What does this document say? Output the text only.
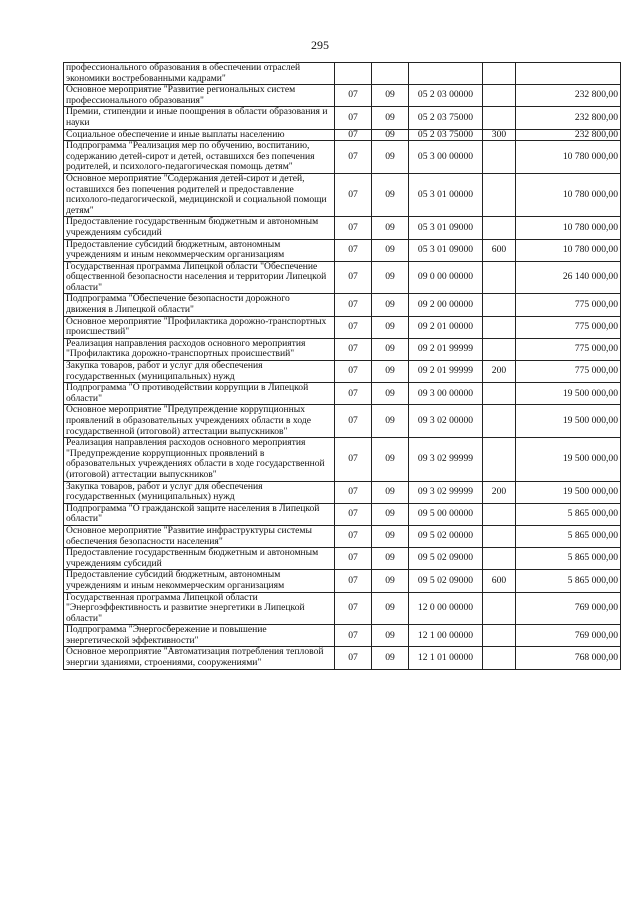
295
профессионального образования в обеспечении отраслей экономики востребованными кадрами"					
Основное мероприятие "Развитие региональных систем профессионального образования"	07	09	05 2 03 00000		232 800,00
Премии, стипендии и иные поощрения в области образования и науки	07	09	05 2 03 75000		232 800,00
Социальное обеспечение и иные выплаты населению	07	09	05 2 03 75000	300	232 800,00
Подпрограмма "Реализация мер по обучению, воспитанию, содержанию детей-сирот и детей, оставшихся без попечения родителей, и психолого-педагогическая помощь детям"	07	09	05 3 00 00000		10 780 000,00
Основное мероприятие "Содержания детей-сирот и детей, оставшихся без попечения родителей и предоставление психолого-педагогической, медицинской и социальной помощи детям"	07	09	05 3 01 00000		10 780 000,00
Предоставление государственным бюджетным и автономным учреждениям субсидий	07	09	05 3 01 09000		10 780 000,00
Предоставление субсидий бюджетным, автономным учреждениям и иным некоммерческим организациям	07	09	05 3 01 09000	600	10 780 000,00
Государственная программа Липецкой области "Обеспечение общественной безопасности населения и территории Липецкой области"	07	09	09 0 00 00000		26 140 000,00
Подпрограмма "Обеспечение безопасности дорожного движения в Липецкой области"	07	09	09 2 00 00000		775 000,00
Основное мероприятие "Профилактика дорожно-транспортных происшествий"	07	09	09 2 01 00000		775 000,00
Реализация направления расходов основного мероприятия "Профилактика дорожно-транспортных происшествий"	07	09	09 2 01 99999		775 000,00
Закупка товаров, работ и услуг для обеспечения государственных (муниципальных) нужд	07	09	09 2 01 99999	200	775 000,00
Подпрограмма "О противодействии коррупции в Липецкой области"	07	09	09 3 00 00000		19 500 000,00
Основное мероприятие "Предупреждение коррупционных проявлений в образовательных учреждениях области в ходе государственной (итоговой) аттестации выпускников"	07	09	09 3 02 00000		19 500 000,00
Реализация направления расходов основного мероприятия "Предупреждение коррупционных проявлений в образовательных учреждениях области в ходе государственной (итоговой) аттестации выпускников"	07	09	09 3 02 99999		19 500 000,00
Закупка товаров, работ и услуг для обеспечения государственных (муниципальных) нужд	07	09	09 3 02 99999	200	19 500 000,00
Подпрограмма "О гражданской защите населения в Липецкой области"	07	09	09 5 00 00000		5 865 000,00
Основное мероприятие "Развитие инфраструктуры системы обеспечения безопасности населения"	07	09	09 5 02 00000		5 865 000,00
Предоставление государственным бюджетным и автономным учреждениям субсидий	07	09	09 5 02 09000		5 865 000,00
Предоставление субсидий бюджетным, автономным учреждениям и иным некоммерческим организациям	07	09	09 5 02 09000	600	5 865 000,00
Государственная программа Липецкой области "Энергоэффективность и развитие энергетики в Липецкой области"	07	09	12 0 00 00000		769 000,00
Подпрограмма "Энергосбережение и повышение энергетической эффективности"	07	09	12 1 00 00000		769 000,00
Основное мероприятие "Автоматизация потребления тепловой энергии зданиями, строениями, сооружениями"	07	09	12 1 01 00000		768 000,00
